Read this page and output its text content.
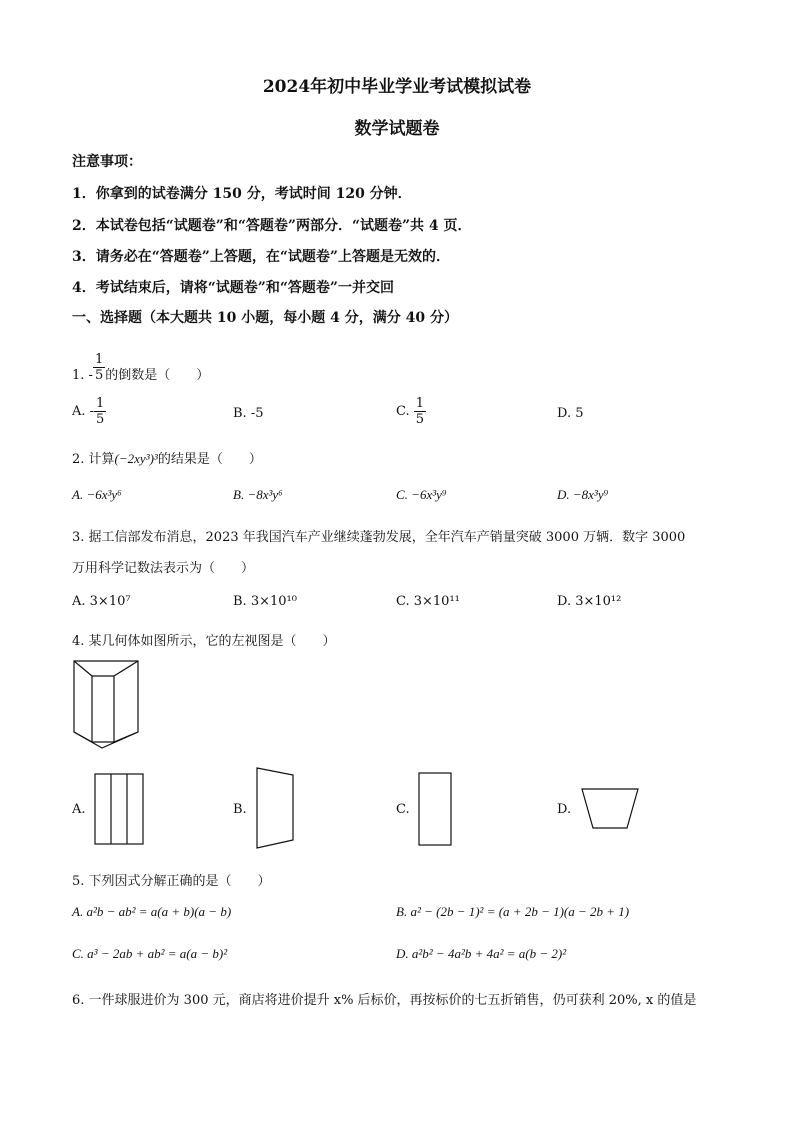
2024年初中毕业学业考试模拟试卷
数学试题卷
注意事项：
1．你拿到的试卷满分 150 分，考试时间 120 分钟．
2．本试卷包括“试题卷”和“答题卷”两部分．“试题卷”共 4 页．
3．请务必在“答题卷”上答题，在“试题卷”上答题是无效的．
4．考试结束后，请将“试题卷”和“答题卷”一并交回
一、选择题（本大题共 10 小题，每小题 4 分，满分 40 分）
1. - $\frac{1}{5}$ 的倒数是（　　）
A. - $\frac{1}{5}$	B. -5	C. $\frac{1}{5}$	D. 5
2. 计算(−2xy³)³的结果是（　　）
A. −6x³y⁶	B. −8x³y⁶	C. −6x³y⁹	D. −8x³y⁹
3. 据工信部发布消息，2023 年我国汽车产业继续蓬勃发展，全年汽车产销量突破 3000 万辆．数字 3000
万用科学记数法表示为（　　）
A. 3×10⁷	B. 3×10¹⁰	C. 3×10¹¹	D. 3×10¹²
4. 某几何体如图所示，它的左视图是（　　）
A.	B.	C.	D.
5. 下列因式分解正确的是（　　）
A. a²b − ab² = a(a + b)(a − b)	B. a² − (2b − 1)² = (a + 2b − 1)(a − 2b + 1)
C. a³ − 2ab + ab² = a(a − b)²	D. a²b² − 4a²b + 4a² = a(b − 2)²
6. 一件球服进价为 300 元，商店将进价提升 x% 后标价，再按标价的七五折销售，仍可获利 20%, x 的值是
